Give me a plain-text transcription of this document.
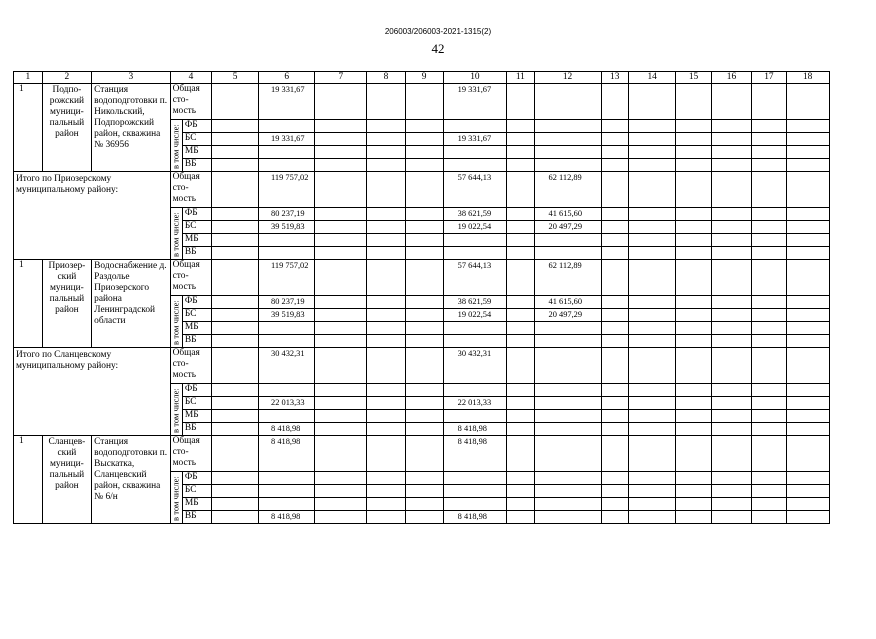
206003/206003-2021-1315(2)
42
1	2	3	4		5	6	7	8	9	10	11	12	13	14	15	16	17	18
1	Подпо-рожский муници-пальный район	Станция водоподготовки п. Никольский, Подпорожский район, скважина № 36956	Общая сто-мость			19 331,67				19 331,67								

			в том числе:	ФБ														
				БС		19 331,67				19 331,67								
				МБ														
				ВБ														
Итого по Приозерскому муниципальному району:			Общая сто-мость			119 757,02				57 644,13		62 112,89						

			в том числе:	ФБ		80 237,19				38 621,59		41 615,60						
				БС		39 519,83				19 022,54		20 497,29						
				МБ														
				ВБ														
1	Приозер-ский муници-пальный район	Водоснабжение д. Раздолье Приозерского района Ленинградской области	Общая сто-мость			119 757,02				57 644,13		62 112,89						

			в том числе:	ФБ		80 237,19				38 621,59		41 615,60						
				БС		39 519,83				19 022,54		20 497,29						
				МБ														
				ВБ														
Итого по Сланцевскому муниципальному району:			Общая сто-мость			30 432,31				30 432,31								

			в том числе:	ФБ														
				БС		22 013,33				22 013,33								
				МБ														
				ВБ		8 418,98				8 418,98								
1	Сланцев-ский муници-пальный район	Станция водоподготовки п. Выскатка, Сланцевский район, скважина № 6/н	Общая сто-мость			8 418,98				8 418,98								

			в том числе:	ФБ														
				БС														
				МБ														
				ВБ		8 418,98				8 418,98								
